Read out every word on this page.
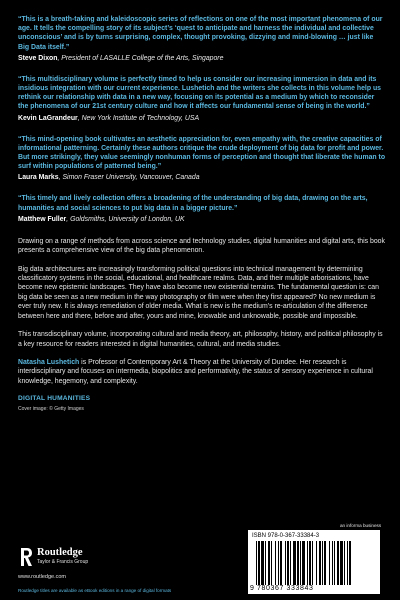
“This is a breath-taking and kaleidoscopic series of reflections on one of the most important phenomena of our age. It tells the compelling story of its subject’s ‘quest to anticipate and harness the individual and collective unconscious’ and is by turns surprising, complex, thought provoking, dizzying and mind-blowing … just like Big Data itself.”
Steve Dixon, President of LASALLE College of the Arts, Singapore
“This multidisciplinary volume is perfectly timed to help us consider our increasing immersion in data and its insidious integration with our current experience. Lushetich and the writers she collects in this volume help us rethink our relationship with data in a new way, focusing on its potential as a medium by which to reconsider the phenomena of our 21st century culture and how it affects our fundamental sense of being in the world.”
Kevin LaGrandeur, New York Institute of Technology, USA
“This mind-opening book cultivates an aesthetic appreciation for, even empathy with, the creative capacities of informational patterning. Certainly these authors critique the crude deployment of big data for profit and power. But more strikingly, they value seemingly nonhuman forms of perception and thought that liberate the human to surf within populations of patterned being.”
Laura Marks, Simon Fraser University, Vancouver, Canada
“This timely and lively collection offers a broadening of the understanding of big data, drawing on the arts, humanities and social sciences to put big data in a bigger picture.”
Matthew Fuller, Goldsmiths, University of London, UK
Drawing on a range of methods from across science and technology studies, digital humanities and digital arts, this book presents a comprehensive view of the big data phenomenon.
Big data architectures are increasingly transforming political questions into technical management by determining classificatory systems in the social, educational, and healthcare realms. Data, and their multiple arborisations, have become new epistemic landscapes. They have also become new existential terrains. The fundamental question is: can big data be seen as a new medium in the way photography or film were when they first appeared? No new medium is ever truly new. It is always remediation of older media. What is new is the medium’s re-articulation of the difference between here and there, before and after, yours and mine, knowable and unknowable, possible and impossible.
This transdisciplinary volume, incorporating cultural and media theory, art, philosophy, history, and political philosophy is a key resource for readers interested in digital humanities, cultural, and media studies.
Natasha Lushetich is Professor of Contemporary Art & Theory at the University of Dundee. Her research is interdisciplinary and focuses on intermedia, biopolitics and performativity, the status of sensory experience in cultural knowledge, hegemony, and complexity.
DIGITAL HUMANITIES
Cover image: © Getty Images
Routledge
Taylor & Francis Group
www.routledge.com
an informa business
ISBN 978-0-367-33384-3
9 780367 333843
Routledge titles are available as eBook editions in a range of digital formats
